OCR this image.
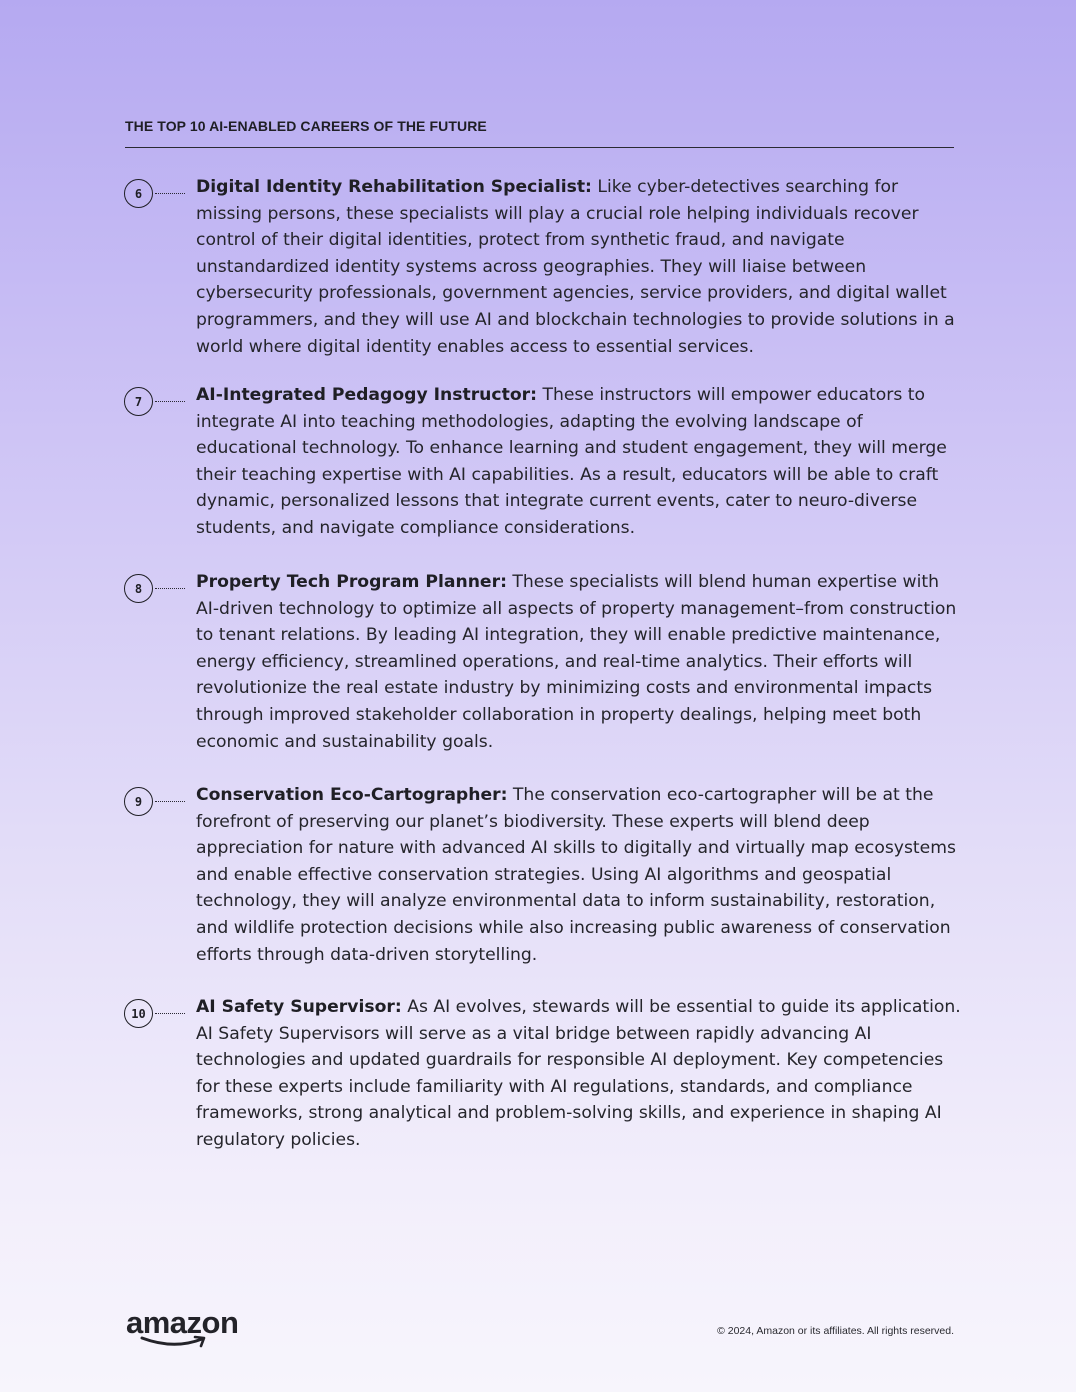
THE TOP 10 AI-ENABLED CAREERS OF THE FUTURE
6	Digital Identity Rehabilitation Specialist: Like cyber-detectives searching for missing persons, these specialists will play a crucial role helping individuals recover control of their digital identities, protect from synthetic fraud, and navigate unstandardized identity systems across geographies. They will liaise between cybersecurity professionals, government agencies, service providers, and digital wallet programmers, and they will use AI and blockchain technologies to provide solutions in a world where digital identity enables access to essential services.
7	AI-Integrated Pedagogy Instructor: These instructors will empower educators to integrate AI into teaching methodologies, adapting the evolving landscape of educational technology. To enhance learning and student engagement, they will merge their teaching expertise with AI capabilities. As a result, educators will be able to craft dynamic, personalized lessons that integrate current events, cater to neuro-diverse students, and navigate compliance considerations.
8	Property Tech Program Planner: These specialists will blend human expertise with AI-driven technology to optimize all aspects of property management–from construction to tenant relations. By leading AI integration, they will enable predictive maintenance, energy efficiency, streamlined operations, and real-time analytics. Their efforts will revolutionize the real estate industry by minimizing costs and environmental impacts through improved stakeholder collaboration in property dealings, helping meet both economic and sustainability goals.
9	Conservation Eco-Cartographer: The conservation eco-cartographer will be at the forefront of preserving our planet’s biodiversity. These experts will blend deep appreciation for nature with advanced AI skills to digitally and virtually map ecosystems and enable effective conservation strategies. Using AI algorithms and geospatial technology, they will analyze environmental data to inform sustainability, restoration, and wildlife protection decisions while also increasing public awareness of conservation efforts through data-driven storytelling.
10	AI Safety Supervisor: As AI evolves, stewards will be essential to guide its application. AI Safety Supervisors will serve as a vital bridge between rapidly advancing AI technologies and updated guardrails for responsible AI deployment. Key competencies for these experts include familiarity with AI regulations, standards, and compliance frameworks, strong analytical and problem-solving skills, and experience in shaping AI regulatory policies.
amazon	© 2024, Amazon or its affiliates. All rights reserved.
